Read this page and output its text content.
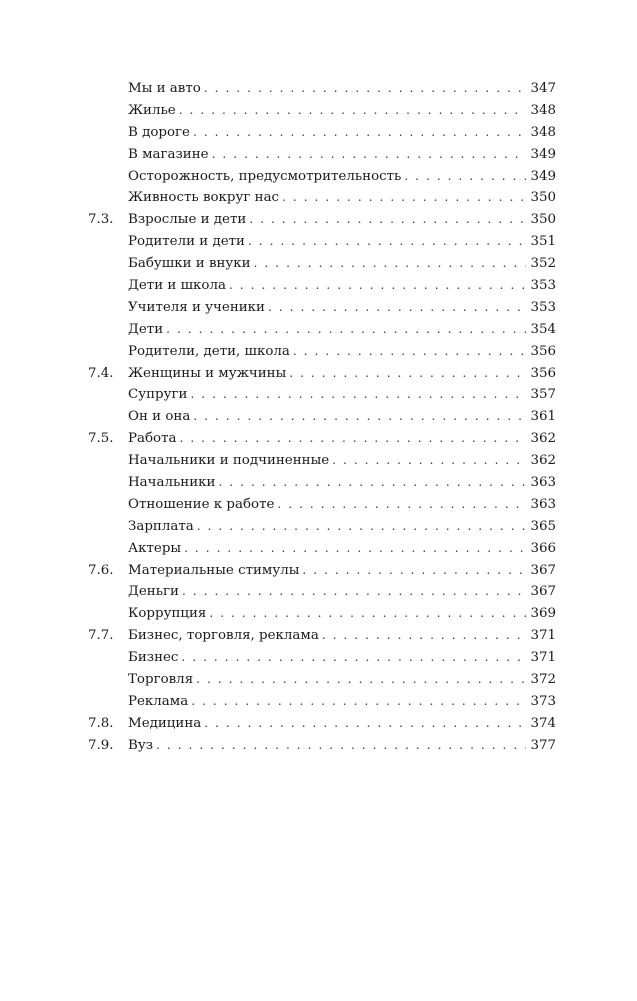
Мы и авто . . .	347
Жилье . . .	348
В дороге . . .	348
В магазине . . .	349
Осторожность, предусмотрительность . . .	349
Живность вокруг нас . . .	350
7.3.	Взрослые и дети . . .	350
Родители и дети . . .	351
Бабушки и внуки . . .	352
Дети и школа . . .	353
Учителя и ученики . . .	353
Дети . . .	354
Родители, дети, школа . . .	356
7.4.	Женщины и мужчины . . .	356
Супруги . . .	357
Он и она . . .	361
7.5.	Работа . . .	362
Начальники и подчиненные . . .	362
Начальники . . .	363
Отношение к работе . . .	363
Зарплата . . .	365
Актеры . . .	366
7.6.	Материальные стимулы . . .	367
Деньги . . .	367
Коррупция . . .	369
7.7.	Бизнес, торговля, реклама . . .	371
Бизнес . . .	371
Торговля . . .	372
Реклама . . .	373
7.8.	Медицина . . .	374
7.9.	Вуз . . .	377
